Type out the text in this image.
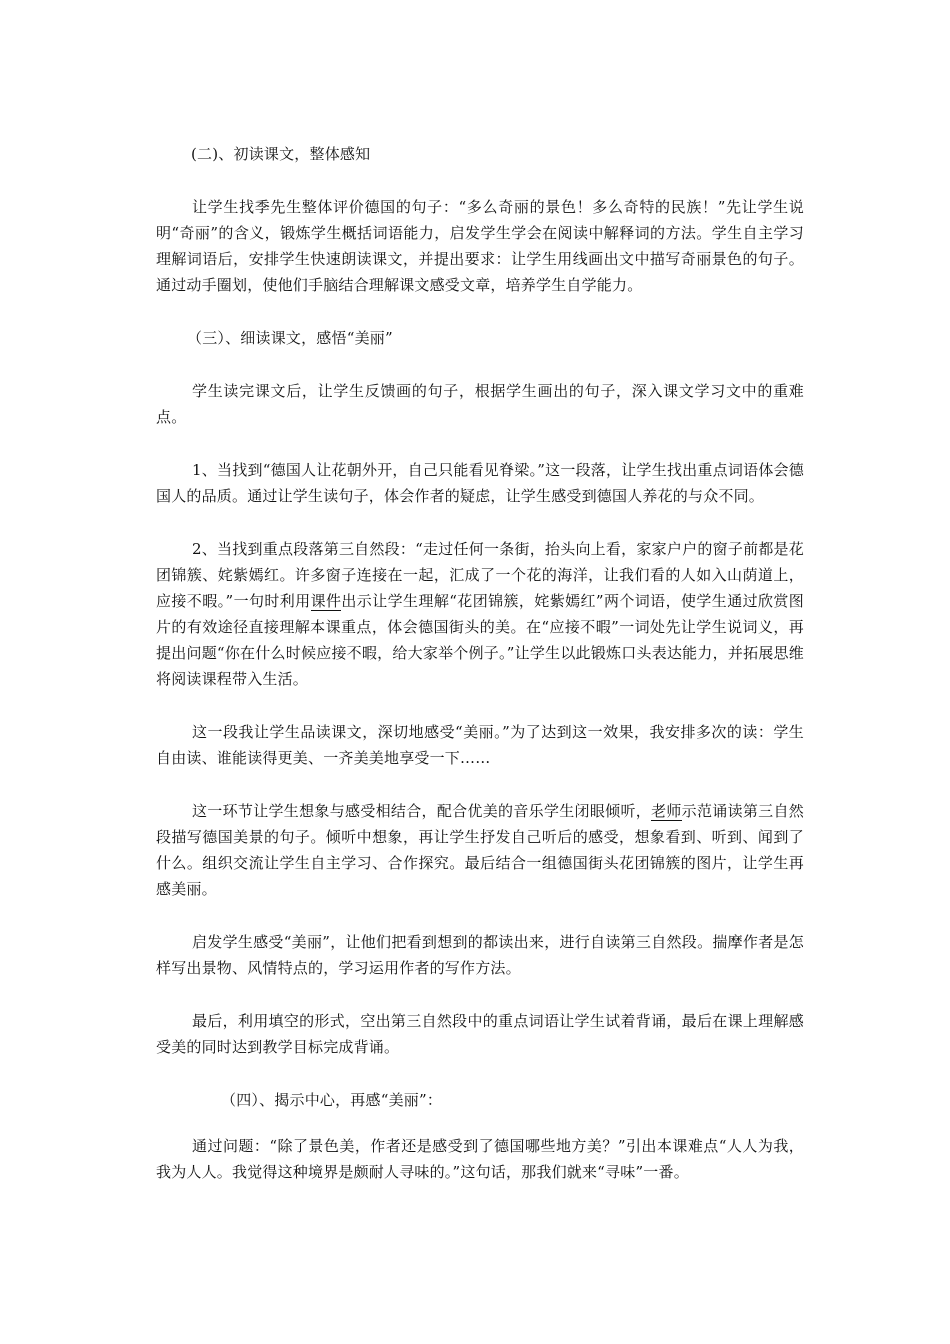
(二)、初读课文，整体感知

让学生找季先生整体评价德国的句子：“多么奇丽的景色！多么奇特的民族！”先让学生说明“奇丽”的含义，锻炼学生概括词语能力，启发学生学会在阅读中解释词的方法。学生自主学习理解词语后，安排学生快速朗读课文，并提出要求：让学生用线画出文中描写奇丽景色的句子。通过动手圈划，使他们手脑结合理解课文感受文章，培养学生自学能力。

（三）、细读课文，感悟“美丽”

学生读完课文后，让学生反馈画的句子，根据学生画出的句子，深入课文学习文中的重难点。

1、当找到“德国人让花朝外开，自己只能看见脊梁。”这一段落，让学生找出重点词语体会德国人的品质。通过让学生读句子，体会作者的疑虑，让学生感受到德国人养花的与众不同。

2、当找到重点段落第三自然段：“走过任何一条街，抬头向上看，家家户户的窗子前都是花团锦簇、姹紫嫣红。许多窗子连接在一起，汇成了一个花的海洋，让我们看的人如入山荫道上，应接不暇。”一句时利用课件出示让学生理解“花团锦簇，姹紫嫣红”两个词语，使学生通过欣赏图片的有效途径直接理解本课重点，体会德国街头的美。在“应接不暇”一词处先让学生说词义，再提出问题“你在什么时候应接不暇，给大家举个例子。”让学生以此锻炼口头表达能力，并拓展思维将阅读课程带入生活。

这一段我让学生品读课文，深切地感受“美丽。”为了达到这一效果，我安排多次的读：学生自由读、谁能读得更美、一齐美美地享受一下……

这一环节让学生想象与感受相结合，配合优美的音乐学生闭眼倾听，老师示范诵读第三自然段描写德国美景的句子。倾听中想象，再让学生抒发自己听后的感受，想象看到、听到、闻到了什么。组织交流让学生自主学习、合作探究。最后结合一组德国街头花团锦簇的图片，让学生再感美丽。

启发学生感受“美丽”，让他们把看到想到的都读出来，进行自读第三自然段。揣摩作者是怎样写出景物、风情特点的，学习运用作者的写作方法。

最后，利用填空的形式，空出第三自然段中的重点词语让学生试着背诵，最后在课上理解感受美的同时达到教学目标完成背诵。

（四）、揭示中心，再感“美丽”：

通过问题：“除了景色美，作者还是感受到了德国哪些地方美？”引出本课难点“人人为我，我为人人。我觉得这种境界是颇耐人寻味的。”这句话，那我们就来“寻味”一番。
